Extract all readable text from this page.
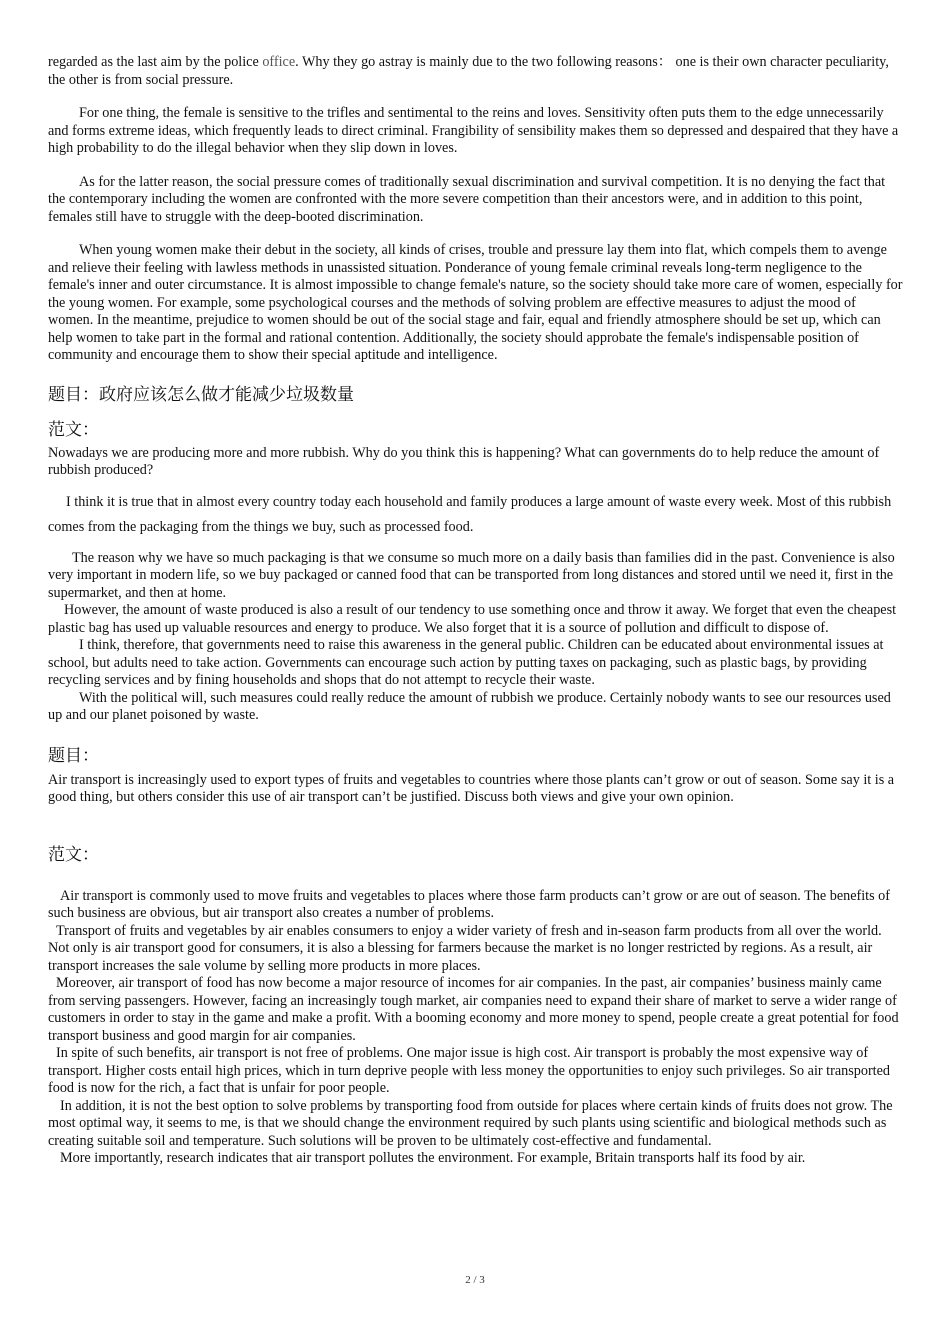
regarded as the last aim by the police office. Why they go astray is mainly due to the two following reasons： one is their own character peculiarity, the other is from social pressure.

For one thing, the female is sensitive to the trifles and sentimental to the reins and loves. Sensitivity often puts them to the edge unnecessarily and forms extreme ideas, which frequently leads to direct criminal. Frangibility of sensibility makes them so depressed and despaired that they have a high probability to do the illegal behavior when they slip down in loves.

As for the latter reason, the social pressure comes of traditionally sexual discrimination and survival competition. It is no denying the fact that the contemporary including the women are confronted with the more severe competition than their ancestors were, and in addition to this point, females still have to struggle with the deep-booted discrimination.

When young women make their debut in the society, all kinds of crises, trouble and pressure lay them into flat, which compels them to avenge and relieve their feeling with lawless methods in unassisted situation. Ponderance of young female criminal reveals long-term negligence to the female's inner and outer circumstance. It is almost impossible to change female's nature, so the society should take more care of women, especially for the young women. For example, some psychological courses and the methods of solving problem are effective measures to adjust the mood of women. In the meantime, prejudice to women should be out of the social stage and fair, equal and friendly atmosphere should be set up, which can help women to take part in the formal and rational contention. Additionally, the society should approbate the female's indispensable position of community and encourage them to show their special aptitude and intelligence.

题目：政府应该怎么做才能减少垃圾数量
范文：

Nowadays we are producing more and more rubbish. Why do you think this is happening? What can governments do to help reduce the amount of rubbish produced?

I think it is true that in almost every country today each household and family produces a large amount of waste every week. Most of this rubbish comes from the packaging from the things we buy, such as processed food.

The reason why we have so much packaging is that we consume so much more on a daily basis than families did in the past. Convenience is also very important in modern life, so we buy packaged or canned food that can be transported from long distances and stored until we need it, first in the supermarket, and then at home.

However, the amount of waste produced is also a result of our tendency to use something once and throw it away. We forget that even the cheapest plastic bag has used up valuable resources and energy to produce. We also forget that it is a source of pollution and difficult to dispose of.

I think, therefore, that governments need to raise this awareness in the general public. Children can be educated about environmental issues at school, but adults need to take action. Governments can encourage such action by putting taxes on packaging, such as plastic bags, by providing recycling services and by fining households and shops that do not attempt to recycle their waste.

With the political will, such measures could really reduce the amount of rubbish we produce. Certainly nobody wants to see our resources used up and our planet poisoned by waste.

题目：

Air transport is increasingly used to export types of fruits and vegetables to countries where those plants can’t grow or out of season. Some say it is a good thing, but others consider this use of air transport can’t be justified. Discuss both views and give your own opinion.

范文：

Air transport is commonly used to move fruits and vegetables to places where those farm products can’t grow or are out of season. The benefits of such business are obvious, but air transport also creates a number of problems.

Transport of fruits and vegetables by air enables consumers to enjoy a wider variety of fresh and in-season farm products from all over the world. Not only is air transport good for consumers, it is also a blessing for farmers because the market is no longer restricted by regions. As a result, air transport increases the sale volume by selling more products in more places.

Moreover, air transport of food has now become a major resource of incomes for air companies. In the past, air companies’ business mainly came from serving passengers. However, facing an increasingly tough market, air companies need to expand their share of market to serve a wider range of customers in order to stay in the game and make a profit. With a booming economy and more money to spend, people create a great potential for food transport business and good margin for air companies.

In spite of such benefits, air transport is not free of problems. One major issue is high cost. Air transport is probably the most expensive way of transport. Higher costs entail high prices, which in turn deprive people with less money the opportunities to enjoy such privileges. So air transported food is now for the rich, a fact that is unfair for poor people.

In addition, it is not the best option to solve problems by transporting food from outside for places where certain kinds of fruits does not grow. The most optimal way, it seems to me, is that we should change the environment required by such plants using scientific and biological methods such as creating suitable soil and temperature. Such solutions will be proven to be ultimately cost-effective and fundamental.

More importantly, research indicates that air transport pollutes the environment. For example, Britain transports half its food by air.

2 / 3
